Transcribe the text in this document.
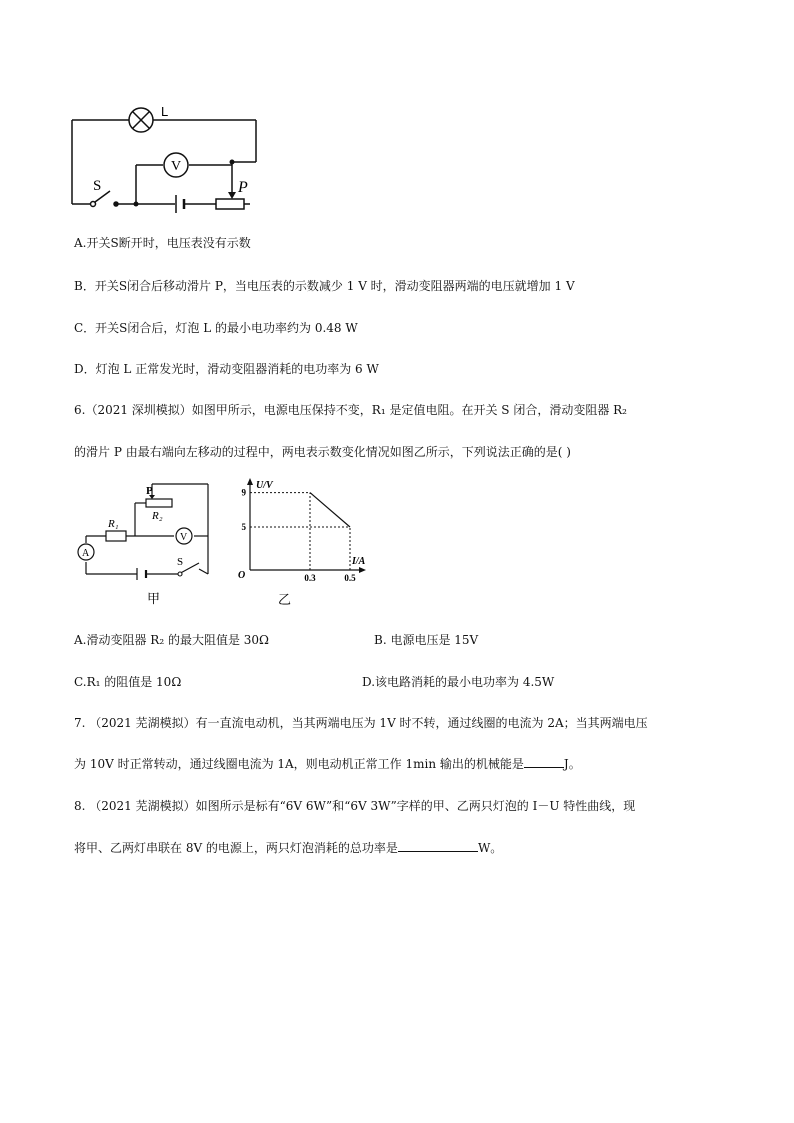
L
V
S	P
A.开关S断开时，电压表没有示数
B．开关S闭合后移动滑片 P，当电压表的示数减少 1 V 时，滑动变阻器两端的电压就增加 1 V
C．开关S闭合后，灯泡 L 的最小电功率约为 0.48 W
D．灯泡 L 正常发光时，滑动变阻器消耗的电功率为 6 W
6.（2021 深圳模拟）如图甲所示，电源电压保持不变，R₁ 是定值电阻。在开关 S 闭合，滑动变阻器 R₂
的滑片 P 由最右端向左移动的过程中，两电表示数变化情况如图乙所示，下列说法正确的是( )
P
R₂
R₁
V
A
S
甲
U/V
I/A
O
9
5
0.3	0.5
乙
A.滑动变阻器 R₂ 的最大阻值是 30Ω	B. 电源电压是 15V
C.R₁ 的阻值是 10Ω	D.该电路消耗的最小电功率为 4.5W
7. （2021 芜湖模拟）有一直流电动机，当其两端电压为 1V 时不转，通过线圈的电流为 2A；当其两端电压
为 10V 时正常转动，通过线圈电流为 1A，则电动机正常工作 1min 输出的机械能是	J。
8. （2021 芜湖模拟）如图所示是标有“6V 6W”和“6V 3W”字样的甲、乙两只灯泡的 I－U 特性曲线，现
将甲、乙两灯串联在 8V 的电源上，两只灯泡消耗的总功率是	W。
